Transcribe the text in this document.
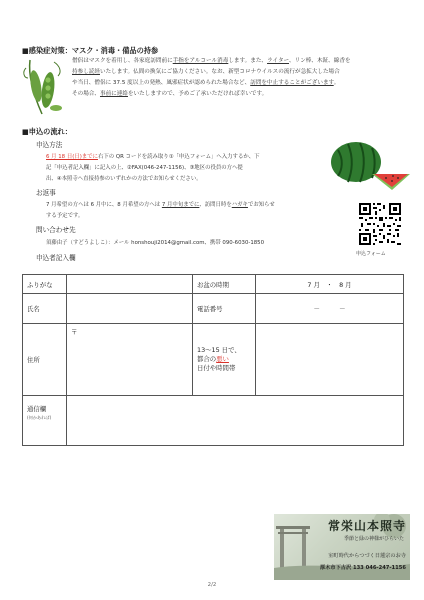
■感染症対策：マスク・消毒・備品の持参
僧侶はマスクを着用し、各家庭訪問前に手指をアルコール消毒します。また、ライター、リン棒、木鉦、線香を
持参し読経いたします。仏間の換気にご協力ください。なお、新型コロナウイルスの流行が急拡大した場合
や当日、僧侶に 37.5 度以上の発熱、風邪症状が認められた場合など、訪問を中止することがございます。
その場合、事前に連絡をいたしますので、予めご了承いただければ幸いです。
■申込の流れ：
申込方法
6 月 18 日(日)までに右下の QR コードを読み取り①「申込フォーム」へ入力するか、下
記「申込者記入欄」に記入の上、②FAX(046-247-1156)、③地区の役員の方へ提
出、④本照寺へ直接持参のいずれかの方法でお知らせください。
お返事
7 月希望の方へは 6 月中に、8 月希望の方へは 7 月中旬までに、訪問日時をハガキでお知らせ
する予定です。
問い合わせ先
須藤由子（すどうよしこ）：メール honshouji2014@gmail.com、携帯 090-6030-1850
申込者記入欄	申込フォーム
ふりがな		お盆の時期	7 月　・　8 月
氏名		電話番号	－　　　－
住所	〒	13～15 日で、
都合の悪い
日付や時間帯	

通信欄
(何かあれば)			

常栄山本照寺
季節と緑の神様がひらいた
室町時代からつづく日蓮宗のお寺
厚木市下古沢 133 046-247-1156
2/2
